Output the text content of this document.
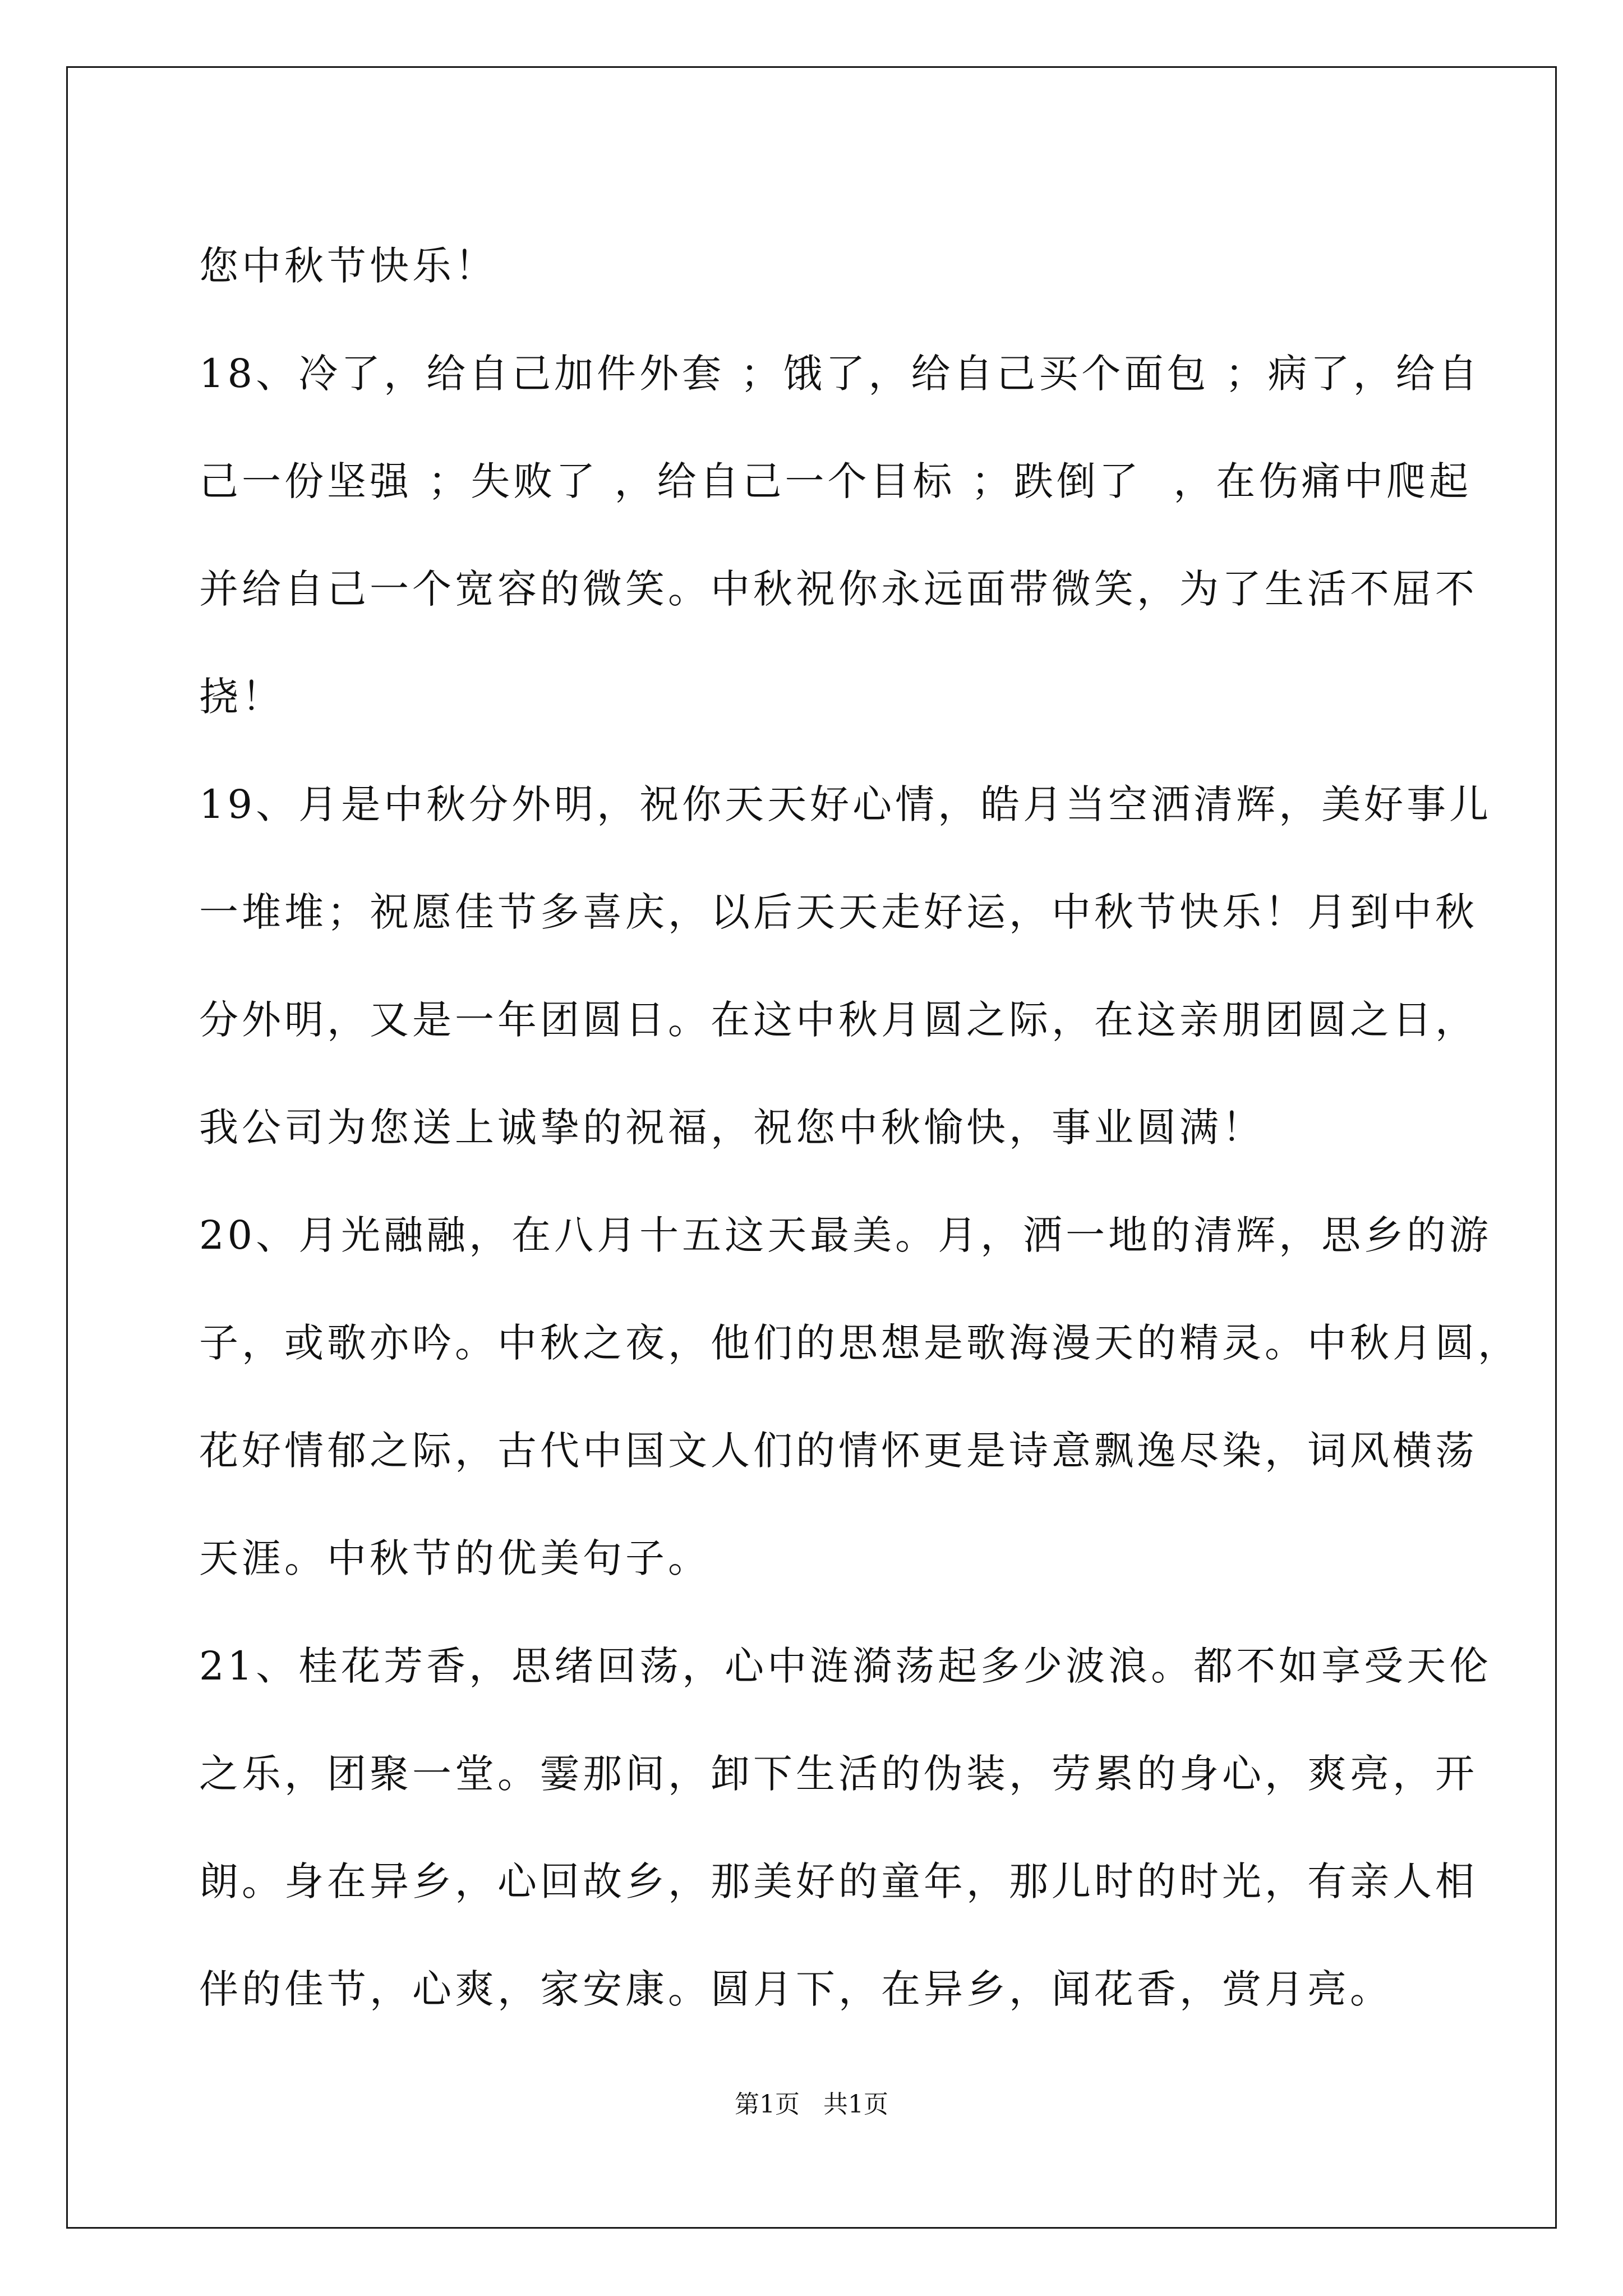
您中秋节快乐！
18、冷了，给自己加件外套 ；饿了，给自己买个面包 ；病了，给自
己一份坚强 ；失败了 ，给自己一个目标 ；跌倒了  ，在伤痛中爬起
并给自己一个宽容的微笑。中秋祝你永远面带微笑，为了生活不屈不
挠！
19、月是中秋分外明，祝你天天好心情，皓月当空洒清辉，美好事儿
一堆堆；祝愿佳节多喜庆，以后天天走好运，中秋节快乐！月到中秋
分外明，又是一年团圆日。在这中秋月圆之际，在这亲朋团圆之日，
我公司为您送上诚挚的祝福，祝您中秋愉快，事业圆满！
20、月光融融，在八月十五这天最美。月，洒一地的清辉，思乡的游
子，或歌亦吟。中秋之夜，他们的思想是歌海漫天的精灵。中秋月圆，
花好情郁之际，古代中国文人们的情怀更是诗意飘逸尽染，词风横荡
天涯。中秋节的优美句子。
21、桂花芳香，思绪回荡，心中涟漪荡起多少波浪。都不如享受天伦
之乐，团聚一堂。霎那间，卸下生活的伪装，劳累的身心，爽亮，开
朗。身在异乡，心回故乡，那美好的童年，那儿时的时光，有亲人相
伴的佳节，心爽，家安康。圆月下，在异乡，闻花香，赏月亮。
第1页   共1页
